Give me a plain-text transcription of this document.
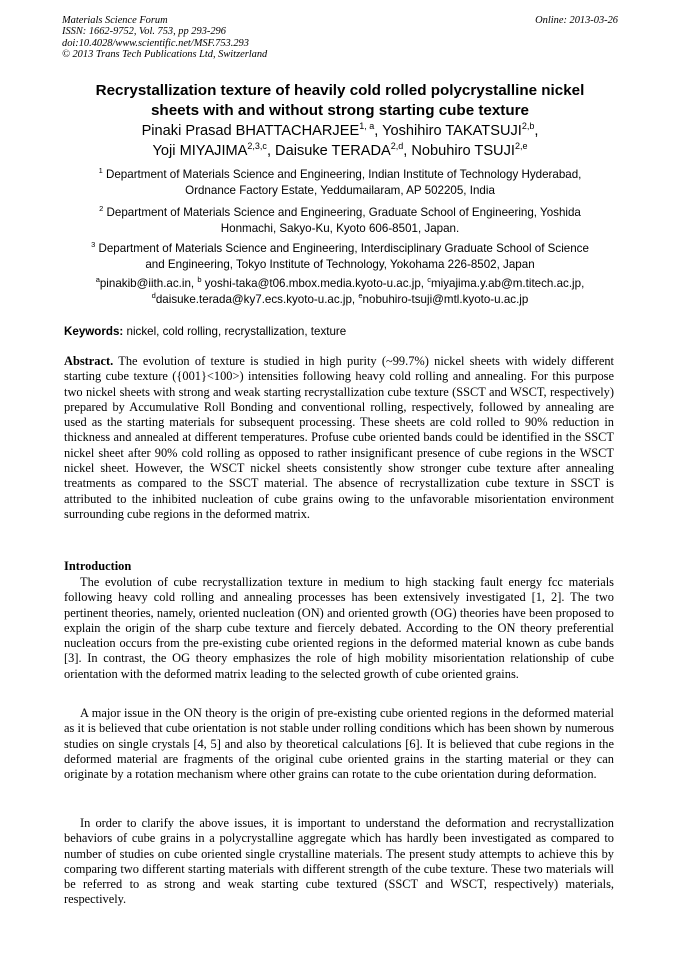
Materials Science Forum
ISSN: 1662-9752, Vol. 753, pp 293-296
doi:10.4028/www.scientific.net/MSF.753.293
© 2013 Trans Tech Publications Ltd, Switzerland
Online: 2013-03-26
Recrystallization texture of heavily cold rolled polycrystalline nickel
sheets with and without strong starting cube texture
Pinaki Prasad BHATTACHARJEE$^{1, a}$, Yoshihiro TAKATSUJI$^{2,b}$,
Yoji MIYAJIMA$^{2,3,c}$, Daisuke TERADA$^{2,d}$, Nobuhiro TSUJI$^{2,e}$
$^1$ Department of Materials Science and Engineering, Indian Institute of Technology Hyderabad,
Ordnance Factory Estate, Yeddumailaram, AP 502205, India
$^2$ Department of Materials Science and Engineering, Graduate School of Engineering, Yoshida
Honmachi, Sakyo-Ku, Kyoto 606-8501, Japan.
$^3$ Department of Materials Science and Engineering, Interdisciplinary Graduate School of Science
and Engineering, Tokyo Institute of Technology, Yokohama 226-8502, Japan
$^a$pinakib@iith.ac.in, $^b$ yoshi-taka@t06.mbox.media.kyoto-u.ac.jp, $^c$miyajima.y.ab@m.titech.ac.jp,
$^d$daisuke.terada@ky7.ecs.kyoto-u.ac.jp, $^e$nobuhiro-tsuji@mtl.kyoto-u.ac.jp
Keywords: nickel, cold rolling, recrystallization, texture
Abstract. The evolution of texture is studied in high purity (~99.7%) nickel sheets with widely different starting cube texture ({001}<100>) intensities following heavy cold rolling and annealing. For this purpose two nickel sheets with strong and weak starting recrystallization cube texture (SSCT and WSCT, respectively) prepared by Accumulative Roll Bonding and conventional rolling, respectively, followed by annealing are used as the starting materials for subsequent processing. These sheets are cold rolled to 90% reduction in thickness and annealed at different temperatures. Profuse cube oriented bands could be identified in the SSCT nickel sheet after 90% cold rolling as opposed to rather insignificant presence of cube regions in the WSCT nickel sheet. However, the WSCT nickel sheets consistently show stronger cube texture after annealing treatments as compared to the SSCT material. The absence of recrystallization cube texture in SSCT is attributed to the inhibited nucleation of cube grains owing to the unfavorable misorientation environment surrounding cube regions in the deformed matrix.
Introduction
The evolution of cube recrystallization texture in medium to high stacking fault energy fcc materials following heavy cold rolling and annealing processes has been extensively investigated [1, 2]. The two pertinent theories, namely, oriented nucleation (ON) and oriented growth (OG) theories have been proposed to explain the origin of the sharp cube texture and fiercely debated. According to the ON theory preferential nucleation occurs from the pre-existing cube oriented regions in the deformed material known as cube bands [3]. In contrast, the OG theory emphasizes the role of high mobility misorientation relationship of cube orientation with the deformed matrix leading to the selected growth of cube oriented grains.
A major issue in the ON theory is the origin of pre-existing cube oriented regions in the deformed material as it is believed that cube orientation is not stable under rolling conditions which has been shown by numerous studies on single crystals [4, 5] and also by theoretical calculations [6]. It is believed that cube regions in the deformed material are fragments of the original cube oriented grains in the starting material or they can originate by a rotation mechanism where other grains can rotate to the cube orientation during deformation.
In order to clarify the above issues, it is important to understand the deformation and recrystallization behaviors of cube grains in a polycrystalline aggregate which has hardly been investigated as compared to number of studies on cube oriented single crystalline materials. The present study attempts to achieve this by comparing two different starting materials with different strength of the cube texture. These two materials will be referred to as strong and weak starting cube textured (SSCT and WSCT, respectively) materials, respectively.
